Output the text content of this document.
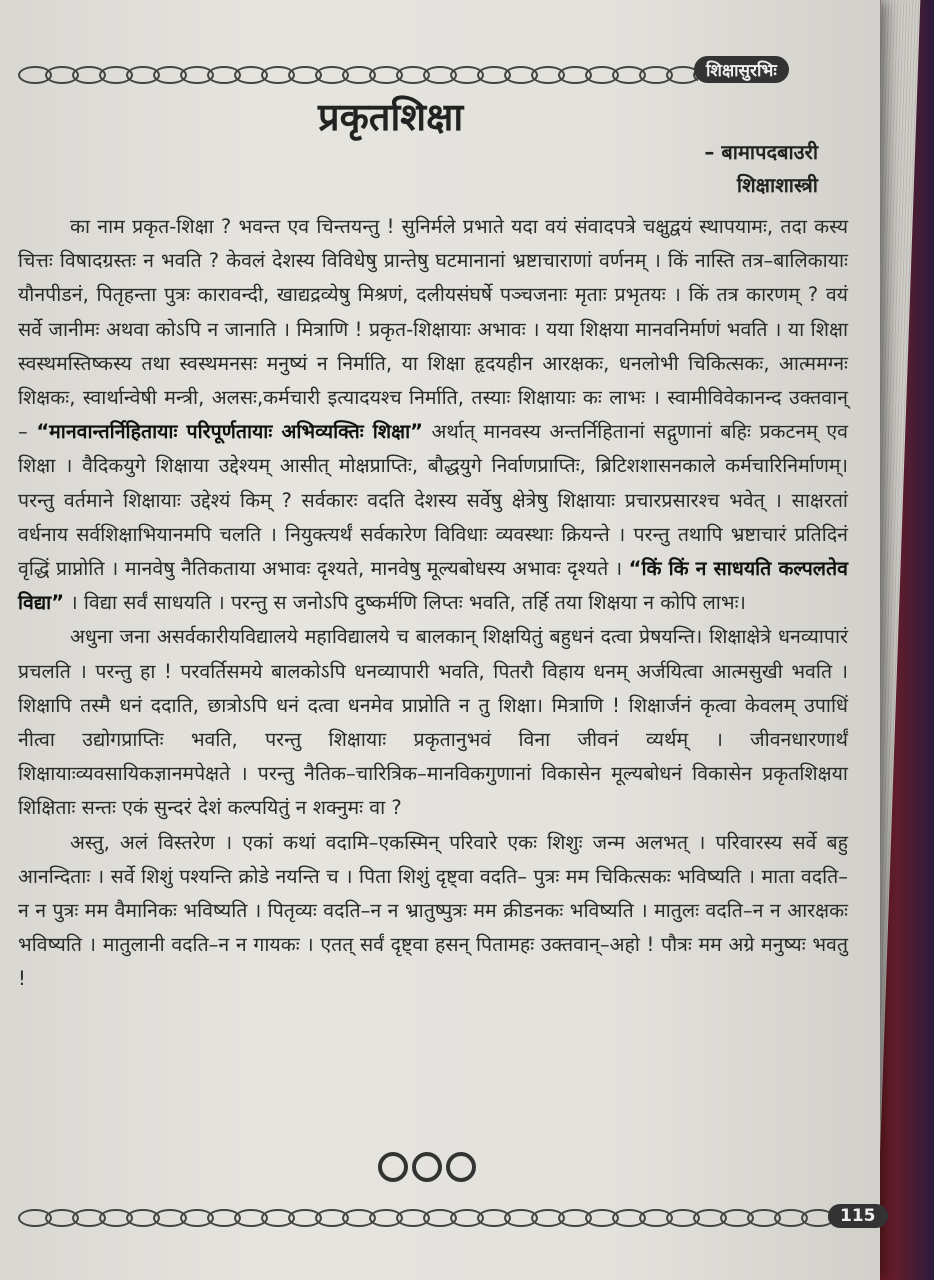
शिक्षासुरभिः
प्रकृतशिक्षा
– बामापदबाउरी
शिक्षाशास्त्री

का नाम प्रकृत-शिक्षा ? भवन्त एव चिन्तयन्तु ! सुनिर्मले प्रभाते यदा वयं संवादपत्रे चक्षुद्वयं स्थापयामः, तदा कस्य चित्तः विषादग्रस्तः न भवति ? केवलं देशस्य विविधेषु प्रान्तेषु घटमानानां भ्रष्टाचाराणां वर्णनम् । किं नास्ति तत्र–बालिकायाः यौनपीडनं, पितृहन्ता पुत्रः कारावन्दी, खाद्यद्रव्येषु मिश्रणं, दलीयसंघर्षे पञ्चजनाः मृताः प्रभृतयः । किं तत्र कारणम् ? वयं सर्वे जानीमः अथवा कोऽपि न जानाति । मित्राणि ! प्रकृत-शिक्षायाः अभावः । यया शिक्षया मानवनिर्माणं भवति । या शिक्षा स्वस्थमस्तिष्कस्य तथा स्वस्थमनसः मनुष्यं न निर्माति, या शिक्षा हृदयहीन आरक्षकः, धनलोभी चिकित्सकः, आत्ममग्नः शिक्षकः, स्वार्थान्वेषी मन्त्री, अलसः,कर्मचारी इत्यादयश्च निर्माति, तस्याः शिक्षायाः कः लाभः । स्वामीविवेकानन्द उक्तवान् – “मानवान्तर्निहितायाः परिपूर्णतायाः अभिव्यक्तिः शिक्षा” अर्थात् मानवस्य अन्तर्निहितानां सद्गुणानां बहिः प्रकटनम् एव शिक्षा । वैदिकयुगे शिक्षाया उद्देश्यम् आसीत् मोक्षप्राप्तिः, बौद्धयुगे निर्वाणप्राप्तिः, ब्रिटिशशासनकाले कर्मचारिनिर्माणम्। परन्तु वर्तमाने शिक्षायाः उद्देश्यं किम् ? सर्वकारः वदति देशस्य सर्वेषु क्षेत्रेषु शिक्षायाः प्रचारप्रसारश्च भवेत् । साक्षरतां वर्धनाय सर्वशिक्षाभियानमपि चलति । नियुक्त्यर्थं सर्वकारेण विविधाः व्यवस्थाः क्रियन्ते । परन्तु तथापि भ्रष्टाचारं प्रतिदिनं वृद्धिं प्राप्नोति । मानवेषु नैतिकताया अभावः दृश्यते, मानवेषु मूल्यबोधस्य अभावः दृश्यते । “किं किं न साधयति कल्पलतेव विद्या” । विद्या सर्वं साधयति । परन्तु स जनोऽपि दुष्कर्मणि लिप्तः भवति, तर्हि तया शिक्षया न कोपि लाभः।

अधुना जना असर्वकारीयविद्यालये महाविद्यालये च बालकान् शिक्षयितुं बहुधनं दत्वा प्रेषयन्ति। शिक्षाक्षेत्रे धनव्यापारं प्रचलति । परन्तु हा ! परवर्तिसमये बालकोऽपि धनव्यापारी भवति, पितरौ विहाय धनम् अर्जयित्वा आत्मसुखी भवति । शिक्षापि तस्मै धनं ददाति, छात्रोऽपि धनं दत्वा धनमेव प्राप्नोति न तु शिक्षा। मित्राणि ! शिक्षार्जनं कृत्वा केवलम् उपाधिं नीत्वा उद्योगप्राप्तिः भवति, परन्तु शिक्षायाः प्रकृतानुभवं विना जीवनं व्यर्थम् । जीवनधारणार्थं शिक्षायाःव्यवसायिकज्ञानमपेक्षते । परन्तु नैतिक–चारित्रिक–मानविकगुणानां विकासेन मूल्यबोधनं विकासेन प्रकृतशिक्षया शिक्षिताः सन्तः एकं सुन्दरं देशं कल्पयितुं न शक्नुमः वा ?

अस्तु, अलं विस्तरेण । एकां कथां वदामि–एकस्मिन् परिवारे एकः शिशुः जन्म अलभत् । परिवारस्य सर्वे बहु आनन्दिताः । सर्वे शिशुं पश्यन्ति क्रोडे नयन्ति च । पिता शिशुं दृष्ट्वा वदति– पुत्रः मम चिकित्सकः भविष्यति । माता वदति–न न पुत्रः मम वैमानिकः भविष्यति । पितृव्यः वदति–न न भ्रातुष्पुत्रः मम क्रीडनकः भविष्यति । मातुलः वदति–न न आरक्षकः भविष्यति । मातुलानी वदति–न न गायकः । एतत् सर्वं दृष्ट्वा हसन् पितामहः उक्तवान्–अहो ! पौत्रः मम अग्रे मनुष्यः भवतु !

115
